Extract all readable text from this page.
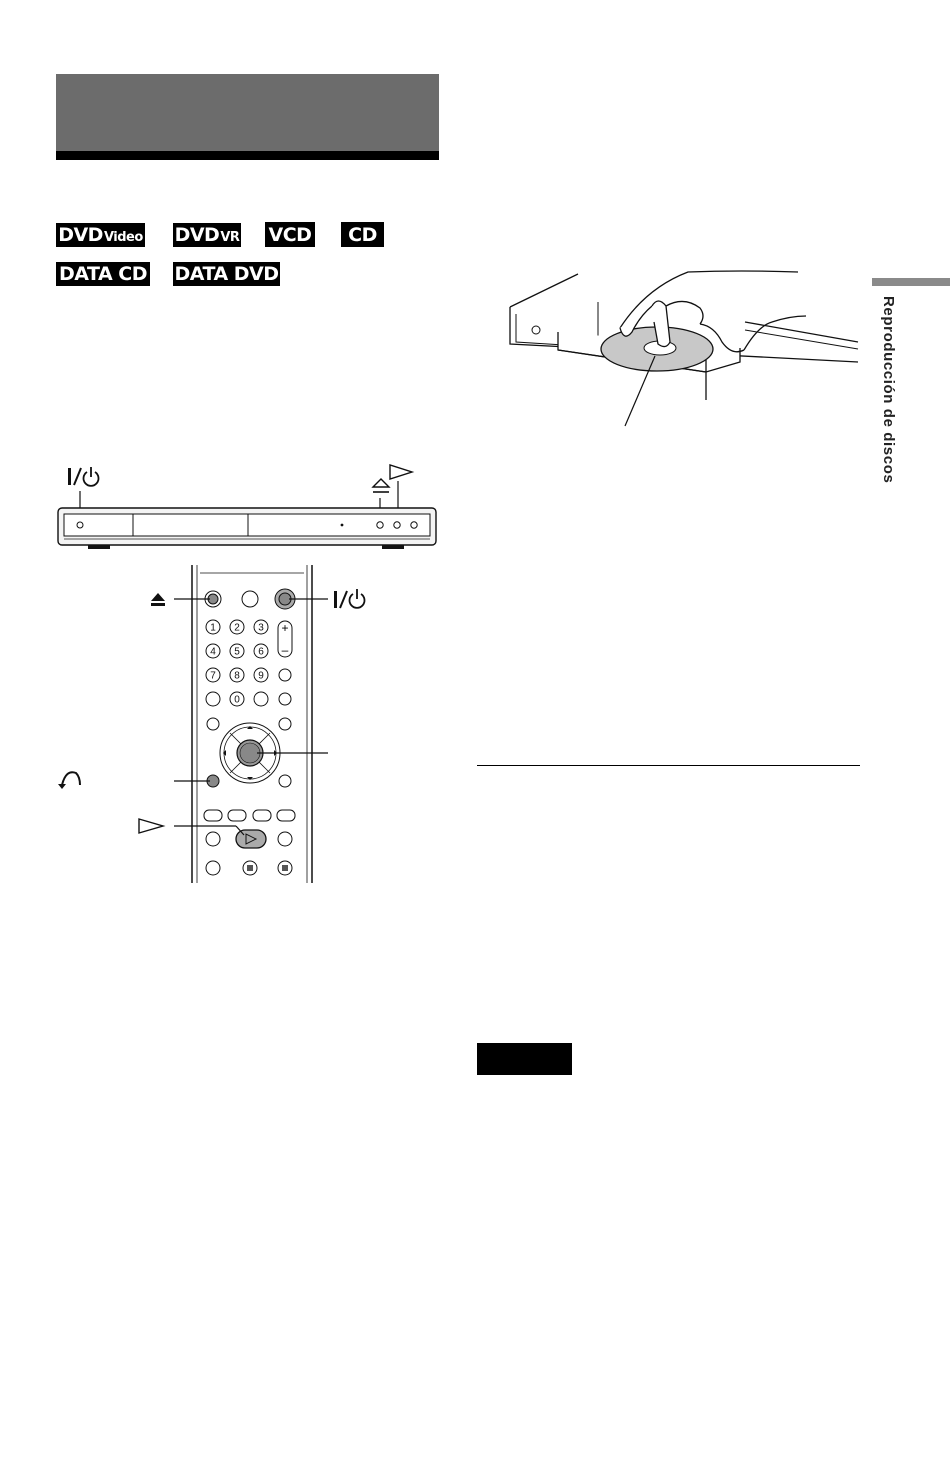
DVD Video DVD VR VCD CD
DATA CD DATA DVD
Reproducción de discos
1 2 3
4 5 6
7 8 9
0
+
–
